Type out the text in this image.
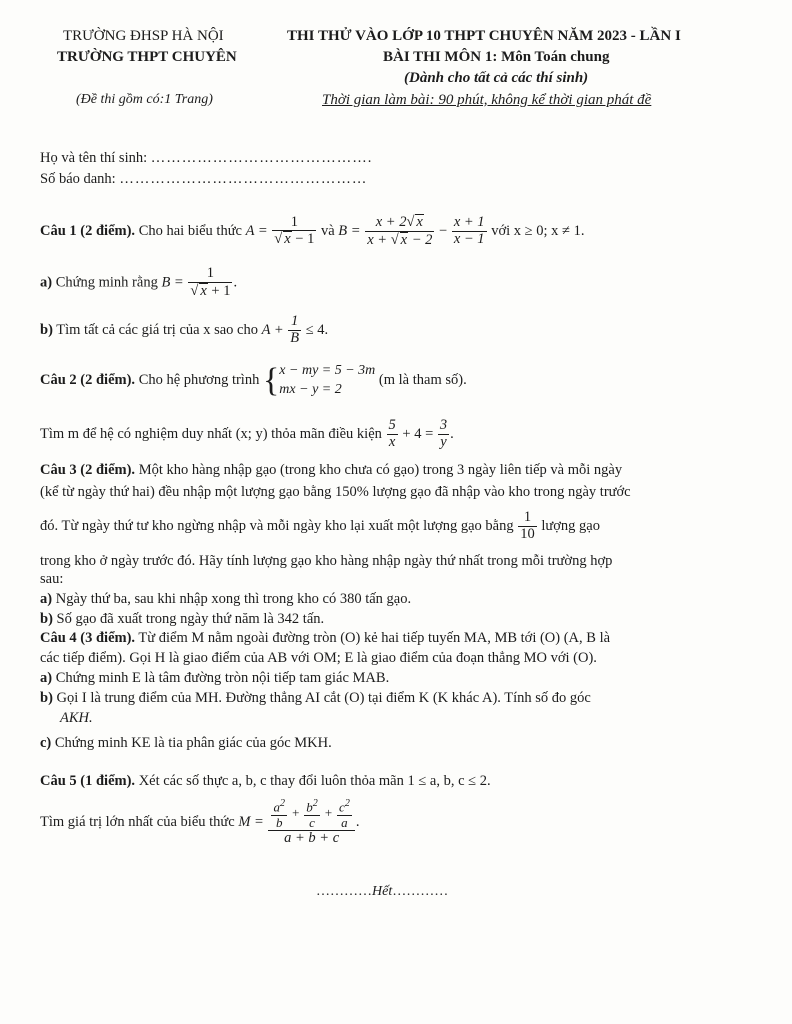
TRƯỜNG ĐHSP HÀ NỘI
TRƯỜNG THPT CHUYÊN
THI THỬ VÀO LỚP 10 THPT CHUYÊN NĂM 2023 - LẦN I
BÀI THI MÔN 1: Môn Toán chung
(Dành cho tất cả các thí sinh)
(Đề thi gồm có:1 Trang)	Thời gian làm bài: 90 phút, không kể thời gian phát đề
Họ và tên thí sinh: …………………………………….
Số báo danh: …………………………………………
Câu 1 (2 điểm). Cho hai biểu thức $A = \frac{1}{√ x - 1}$ và $B = \frac{x + 2√ x}{x + √ x - 2} - \frac{x + 1}{x - 1}$ với x ≥ 0; x ≠ 1.
a) Chứng minh rằng $B = \frac{1}{√ x + 1}$ .
b) Tìm tất cả các giá trị của x sao cho $A + \frac{1}{B} \le 4$.
Câu 2 (2 điểm). Cho hệ phương trình { x − my = 5 − 3m
mx − y = 2
(m là tham số).
Tìm m để hệ có nghiệm duy nhất (x; y) thỏa mãn điều kiện $\frac{5}{x} + 4 = \frac{3}{y}$ .
Câu 3 (2 điểm). Một kho hàng nhập gạo (trong kho chưa có gạo) trong 3 ngày liên tiếp và mỗi ngày
(kể từ ngày thứ hai) đều nhập một lượng gạo bằng 150% lượng gạo đã nhập vào kho trong ngày trước
đó. Từ ngày thứ tư kho ngừng nhập và mỗi ngày kho lại xuất một lượng gạo bằng $\frac{1}{10}$ lượng gạo
trong kho ở ngày trước đó. Hãy tính lượng gạo kho hàng nhập ngày thứ nhất trong mỗi trường hợp
sau:
a) Ngày thứ ba, sau khi nhập xong thì trong kho có 380 tấn gạo.
b) Số gạo đã xuất trong ngày thứ năm là 342 tấn.
Câu 4 (3 điểm). Từ điểm M nằm ngoài đường tròn (O) kẻ hai tiếp tuyến MA, MB tới (O) (A, B là
các tiếp điểm). Gọi H là giao điểm của AB với OM; E là giao điểm của đoạn thẳng MO với (O).
a) Chứng minh E là tâm đường tròn nội tiếp tam giác MAB.
b) Gọi I là trung điểm của MH. Đường thẳng AI cắt (O) tại điểm K (K khác A). Tính số đo góc
AKH.
c) Chứng minh KE là tia phân giác của góc MKH.
Câu 5 (1 điểm). Xét các số thực a, b, c thay đổi luôn thỏa mãn 1 ≤ a, b, c ≤ 2.
Tìm giá trị lớn nhất của biểu thức $M = \frac{\frac{a^2}{b} + \frac{b^2}{c} + \frac{c^2}{a}}{a + b + c}$ .
…………Hết…………
